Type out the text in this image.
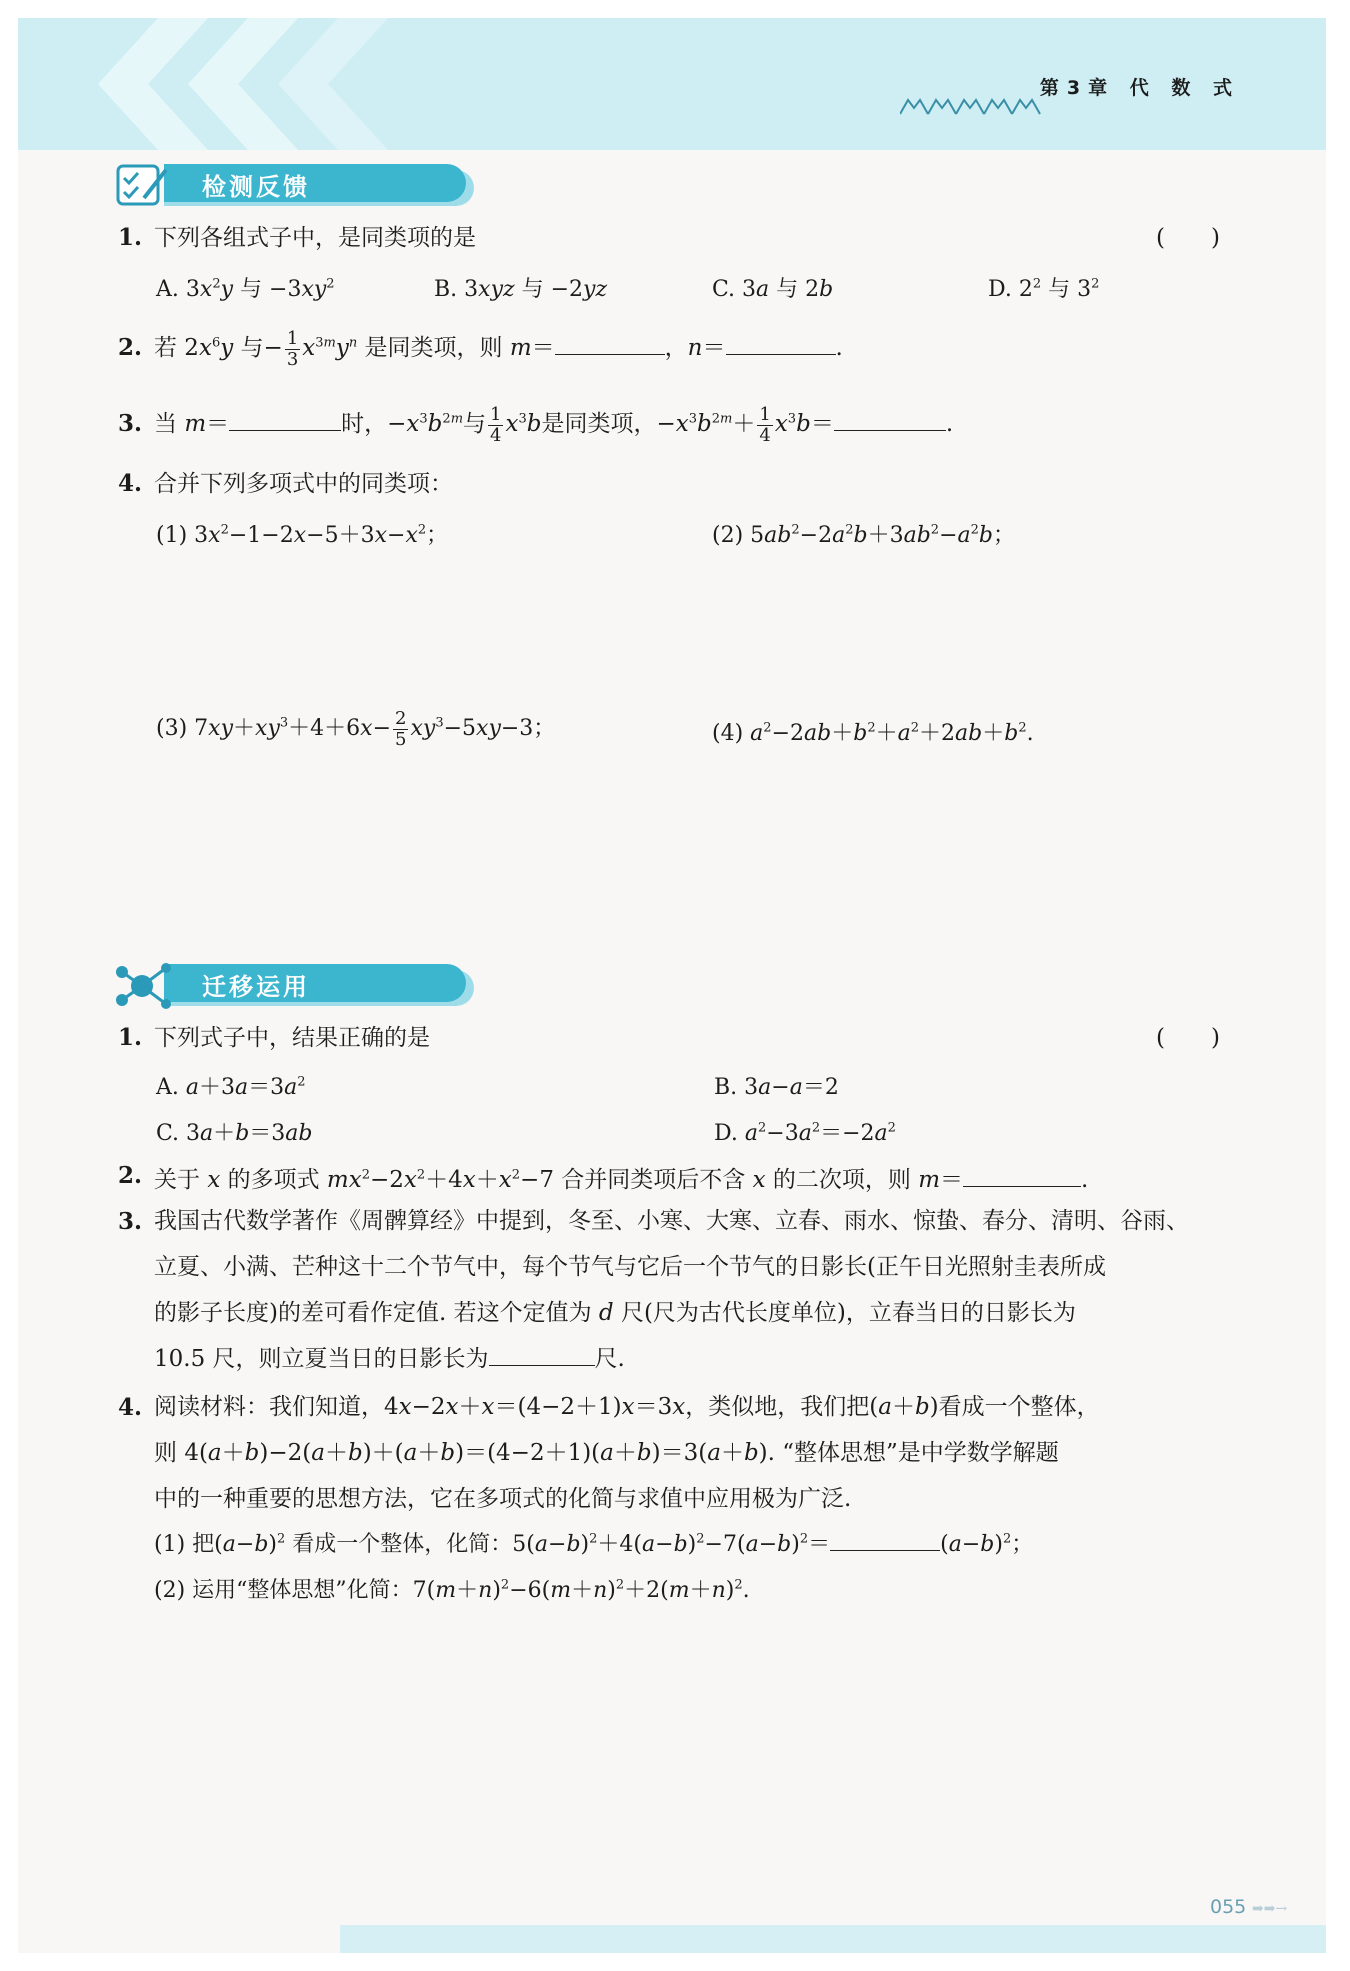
第3章 代 数 式
检测反馈
1. 下列各组式子中，是同类项的是	(　　)
A. $3x^2y$ 与 $-3xy^2$	B. 3xyz 与 −2yz	C. 3a 与 2b	D. $2^2$ 与 $3^2$
2. 若 $2x^6y$ 与− $\frac{1}{3} x^{3m}y^n$ 是同类项，则 m＝	，n＝	.
3. 当 m＝	时，$-x^3b^{2m}$与 $\frac{1}{4} x^3b$是同类项，$-x^3b^{2m}+ \frac{1}{4} x^3b=$	.
4. 合并下列多项式中的同类项：
(1) $3x^2-1-2x-5+3x-x^2$；	(2) $5ab^2-2a^2b+3ab^2-a^2b$；
(3) $7xy+xy^3+4+6x- \frac{2}{5} xy^3-5xy-3$；	(4) $a^2-2ab+b^2+a^2+2ab+b^2$.
迁移运用
1. 下列式子中，结果正确的是	(　　)
A. $a+3a=3a^2$	B. 3a−a＝2
C. 3a＋b＝3ab	D. $a^2-3a^2=-2a^2$
2. 关于 x 的多项式 $mx^2-2x^2+4x+x^2-7$ 合并同类项后不含 x 的二次项，则 m＝	.
3. 我国古代数学著作《周髀算经》中提到，冬至、小寒、大寒、立春、雨水、惊蛰、春分、清明、谷雨、
立夏、小满、芒种这十二个节气中，每个节气与它后一个节气的日影长(正午日光照射圭表所成
的影子长度)的差可看作定值. 若这个定值为 d 尺(尺为古代长度单位)，立春当日的日影长为
10.5 尺，则立夏当日的日影长为	尺.
4. 阅读材料：我们知道，4x−2x＋x＝(4−2＋1)x＝3x，类似地，我们把(a＋b)看成一个整体，
则 4(a＋b)−2(a＋b)＋(a＋b)＝(4−2＋1)(a＋b)＝3(a＋b). “整体思想”是中学数学解题
中的一种重要的思想方法，它在多项式的化简与求值中应用极为广泛.
(1) 把$(a-b)^2$ 看成一个整体，化简：$5(a-b)^2+4(a-b)^2-7(a-b)^2=$	$(a-b)^2$；
(2) 运用“整体思想”化简：$7(m+n)^2-6(m+n)^2+2(m+n)^2$.
055 ➡➡→
